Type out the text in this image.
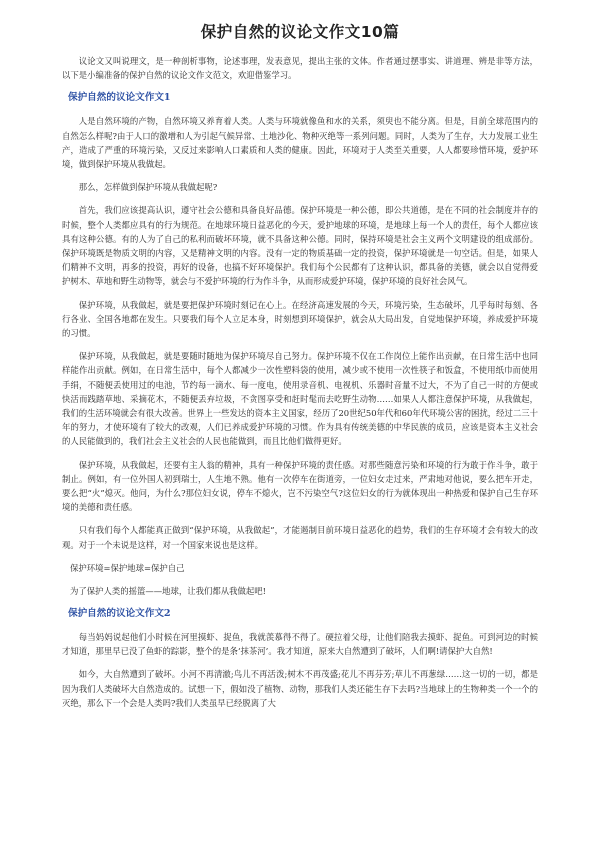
保护自然的议论文作文10篇

议论文又叫说理文，是一种剖析事物，论述事理，发表意见，提出主张的文体。作者通过摆事实、讲道理、辨是非等方法，以下是小编准备的保护自然的议论文作文范文，欢迎借鉴学习。

保护自然的议论文作文1

人是自然环境的产物，自然环境又养育着人类。人类与环境就像鱼和水的关系，须臾也不能分离。但是，目前全球范围内的自然怎么样呢?由于人口的激增和人为引起气候异常、土地沙化、物种灭绝等一系列问题。同时，人类为了生存，大力发展工业生产，造成了严重的环境污染，又反过来影响人口素质和人类的健康。因此，环境对于人类至关重要，人人都要珍惜环境，爱护环境，做到保护环境从我做起。

那么，怎样做到保护环境从我做起呢?

首先，我们应该提高认识，遵守社会公德和具备良好品德。保护环境是一种公德，即公共道德，是在不同的社会制度并存的时候，整个人类都应具有的行为规范。在地球环境日益恶化的今天，爱护地球的环境，是地球上每一个人的责任，每个人都应该具有这种公德。有的人为了自己的私利而破坏环境，就不具备这种公德。同时，保持环境是社会主义两个文明建设的组成部份。保护环境既是物质文明的内容，又是精神文明的内容。没有一定的物质基础一定的投资，保护环境就是一句空话。但是，如果人们精神不文明，再多的投资，再好的设备，也搞不好环境保护。我们每个公民都有了这种认识，都具备的美德，就会以自觉得爱护树木、草地和野生动物等，就会与不爱护环境的行为作斗争，从而形成爱护环境，保护环境的良好社会风气。

保护环境，从我做起，就是要把保护环境时刻记在心上。在经济高速发展的今天，环境污染，生态破坏，几乎每时每刻、各行各业、全国各地都在发生。只要我们每个人立足本身，时刻想到环境保护，就会从大局出发，自觉地保护环境，养成爱护环境的习惯。

保护环境，从我做起，就是要随时随地为保护环境尽自己努力。保护环境不仅在工作岗位上能作出贡献，在日常生活中也同样能作出贡献。例如，在日常生活中，每个人都减少一次性塑料袋的使用，减少或不使用一次性筷子和饭盒，不使用纸巾而使用手绢，不随便丢使用过的电池，节约每一滴水、每一度电，使用录音机、电视机、乐器时音量不过大，不为了自己一时的方便或快活而践踏草地、采摘花木，不随便丢弃垃圾，不贪图享受和赶时髦而去吃野生动物……如果人人都注意保护环境，从我做起，我们的生活环境就会有很大改善。世界上一些发达的资本主义国家，经历了20世纪50年代和60年代环境公害的困扰，经过二三十年的努力，才使环境有了较大的改观，人们已养成爱护环境的习惯。作为具有传统美德的中华民族的成员，应该是资本主义社会的人民能做到的，我们社会主义社会的人民也能做到，而且比他们做得更好。

保护环境，从我做起，还要有主人翁的精神，具有一种保护环境的责任感。对那些随意污染和环境的行为敢于作斗争，敢于制止。例如，有一位外国人初到瑞士，人生地不熟。他有一次停车在街道旁，一位妇女走过来，严肃地对他说，要么把车开走，要么把“火”熄灭。他问，为什么?那位妇女说，停车不熄火，岂不污染空气?这位妇女的行为就体现出一种热爱和保护自己生存环境的美德和责任感。

只有我们每个人都能真正做到“保护环境，从我做起”，才能遏制目前环境日益恶化的趋势，我们的生存环境才会有较大的改观。对于一个未说是这样，对一个国家来说也是这样。

保护环境=保护地球=保护自己

为了保护人类的摇篮——地球，让我们都从我做起吧!

保护自然的议论文作文2

每当妈妈说起他们小时候在河里摸虾、捉鱼，我就羡慕得不得了。硬拉着父母，让他们陪我去摸虾、捉鱼。可到河边的时候才知道，那里早已没了鱼虾的踪影，整个的是条‘抹茶河’。我才知道，原来大自然遭到了破坏，人们啊!请保护大自然!

如今，大自然遭到了破坏。小河不再清澈;鸟儿不再活泼;树木不再茂盛;花儿不再芬芳;草儿不再葱绿……这一切的一切，都是因为我们人类破坏大自然造成的。试想一下，假如没了植物、动物，那我们人类还能生存下去吗?当地球上的生物种类一个一个的灭绝，那么下一个会是人类吗?我们人类虽早已经脱离了大
